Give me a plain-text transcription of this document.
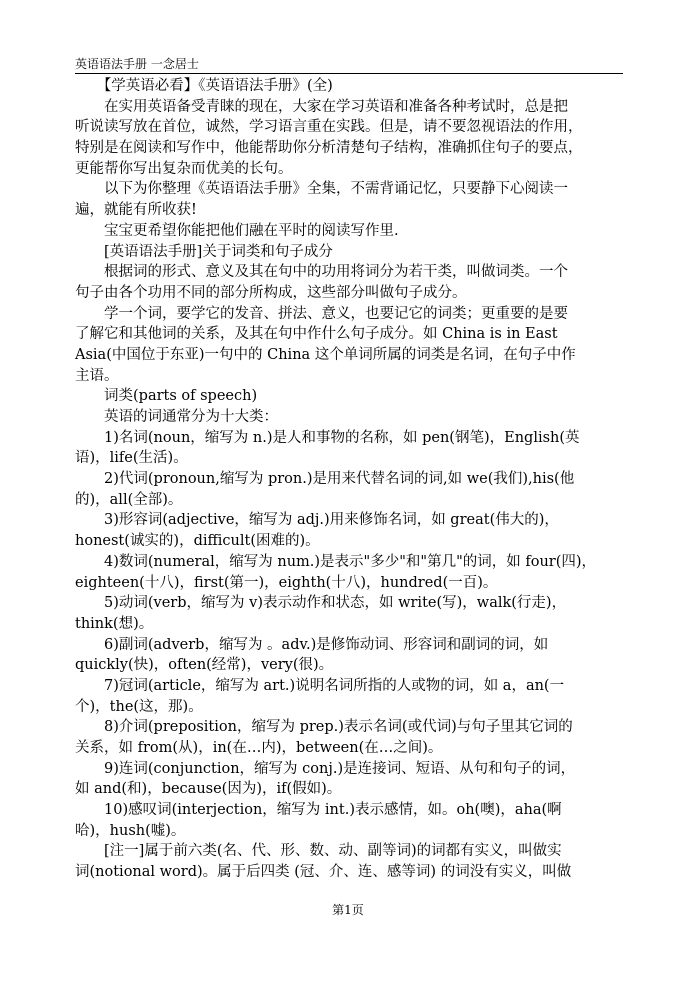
英语语法手册 一念居士
　　【学英语必看】《英语语法手册》(全)
　　在实用英语备受青睐的现在，大家在学习英语和准备各种考试时，总是把
听说读写放在首位，诚然，学习语言重在实践。但是，请不要忽视语法的作用，
特别是在阅读和写作中，他能帮助你分析清楚句子结构，准确抓住句子的要点，
更能帮你写出复杂而优美的长句。
　　以下为你整理《英语语法手册》全集，不需背诵记忆，只要静下心阅读一
遍，就能有所收获!
　　宝宝更希望你能把他们融在平时的阅读写作里.
　　[英语语法手册]关于词类和句子成分
　　根据词的形式、意义及其在句中的功用将词分为若干类，叫做词类。一个
句子由各个功用不同的部分所构成，这些部分叫做句子成分。
　　学一个词，要学它的发音、拼法、意义，也要记它的词类；更重要的是要
了解它和其他词的关系，及其在句中作什么句子成分。如 China is in East
Asia(中国位于东亚)一句中的 China 这个单词所属的词类是名词，在句子中作
主语。
　　词类(parts of speech)
　　英语的词通常分为十大类：
　　1)名词(noun，缩写为 n.)是人和事物的名称，如 pen(钢笔)，English(英
语)，life(生活)。
　　2)代词(pronoun,缩写为 pron.)是用来代替名词的词,如 we(我们),his(他
的)，all(全部)。
　　3)形容词(adjective，缩写为 adj.)用来修饰名词，如 great(伟大的)，
honest(诚实的)，difficult(困难的)。
　　4)数词(numeral，缩写为 num.)是表示"多少"和"第几"的词，如 four(四)，
eighteen(十八)，first(第一)，eighth(十八)，hundred(一百)。
　　5)动词(verb，缩写为 v)表示动作和状态，如 write(写)，walk(行走)，
think(想)。
　　6)副词(adverb，缩写为 。adv.)是修饰动词、形容词和副词的词，如
quickly(快)，often(经常)，very(很)。
　　7)冠词(article，缩写为 art.)说明名词所指的人或物的词，如 a，an(一
个)，the(这，那)。
　　8)介词(preposition，缩写为 prep.)表示名词(或代词)与句子里其它词的
关系，如 from(从)，in(在…内)，between(在…之间)。
　　9)连词(conjunction，缩写为 conj.)是连接词、短语、从句和句子的词，
如 and(和)，because(因为)，if(假如)。
　　10)感叹词(interjection，缩写为 int.)表示感情，如。oh(噢)，aha(啊
哈)，hush(嘘)。
　　[注一]属于前六类(名、代、形、数、动、副等词)的词都有实义，叫做实
词(notional word)。属于后四类 (冠、介、连、感等词) 的词没有实义，叫做
第1页
